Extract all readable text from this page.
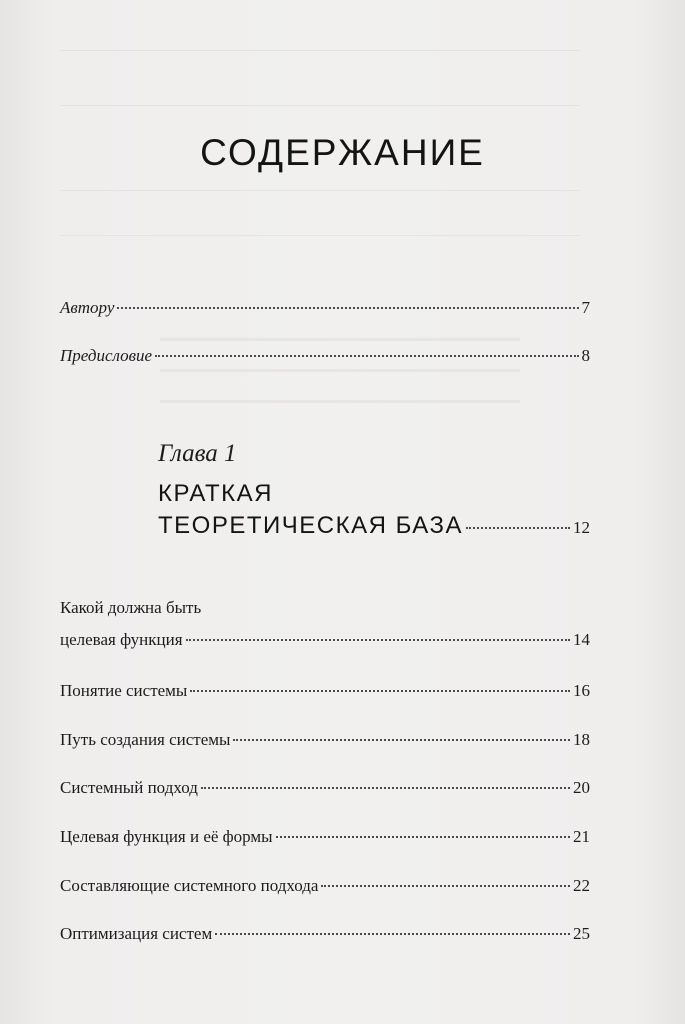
СОДЕРЖАНИЕ
Автору	7
Предисловие	8
Глава 1
КРАТКАЯ
ТЕОРЕТИЧЕСКАЯ БАЗА	12
Какой должна быть
целевая функция	14
Понятие системы	16
Путь создания системы	18
Системный подход	20
Целевая функция и её формы	21
Составляющие системного подхода	22
Оптимизация систем	25
